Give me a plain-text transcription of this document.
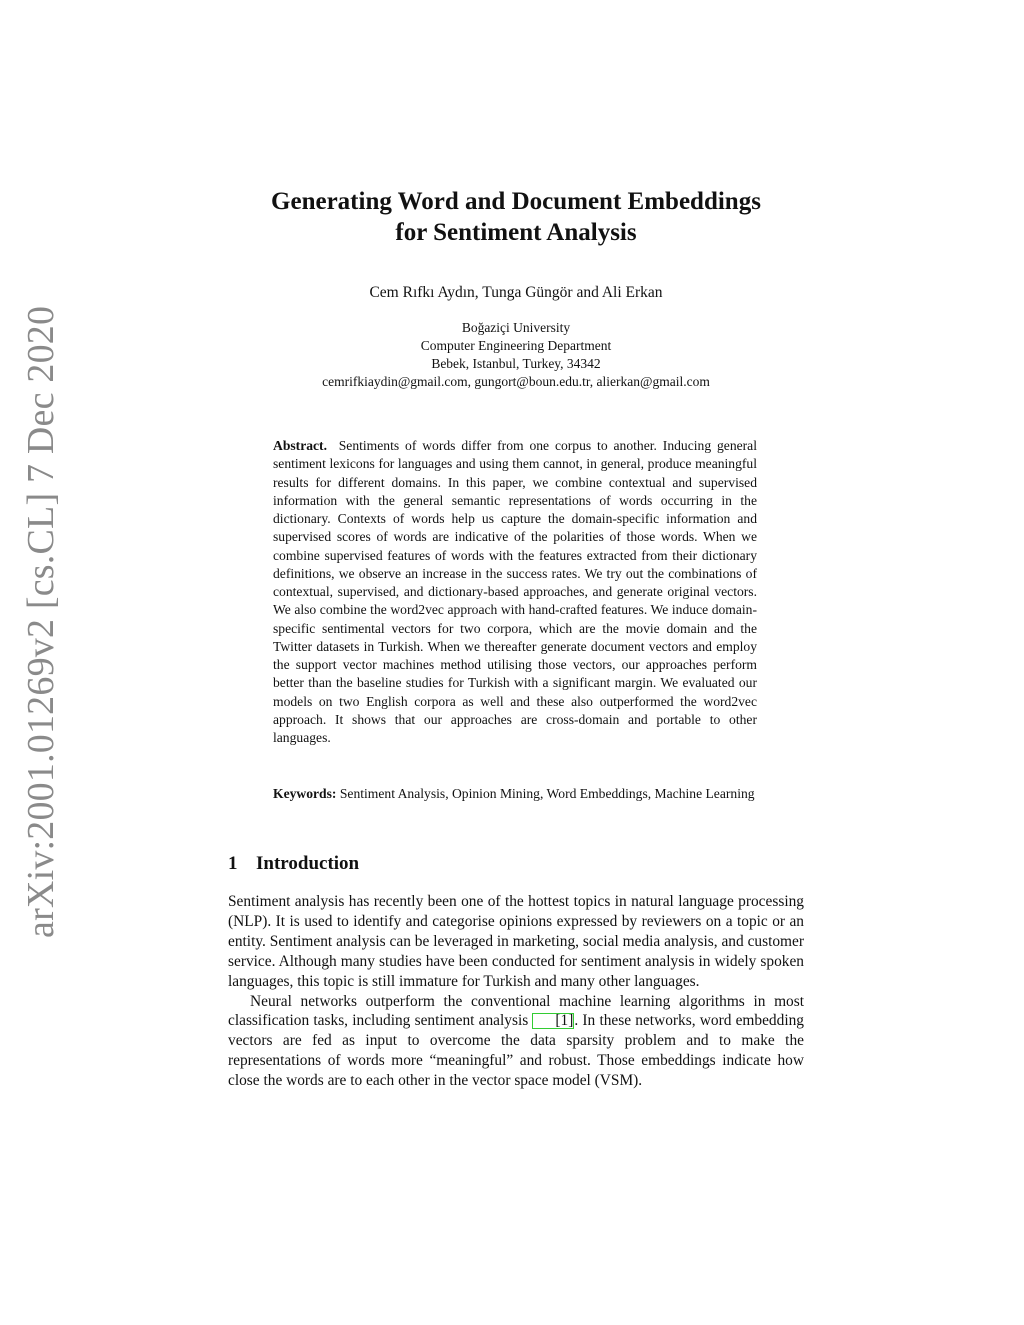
arXiv:2001.01269v2 [cs.CL] 7 Dec 2020
Generating Word and Document Embeddings
for Sentiment Analysis
Cem Rıfkı Aydın, Tunga Güngör and Ali Erkan
Boğaziçi University
Computer Engineering Department
Bebek, Istanbul, Turkey, 34342
cemrifkiaydin@gmail.com, gungort@boun.edu.tr, alierkan@gmail.com
Abstract. Sentiments of words differ from one corpus to another. Inducing general sentiment lexicons for languages and using them cannot, in general, produce meaningful results for different domains. In this paper, we combine contextual and supervised information with the general semantic representations of words occurring in the dictionary. Contexts of words help us capture the domain-specific information and supervised scores of words are indicative of the polarities of those words. When we combine supervised features of words with the features extracted from their dictionary definitions, we observe an increase in the success rates. We try out the combinations of contextual, supervised, and dictionary-based approaches, and generate original vectors. We also combine the word2vec approach with hand-crafted features. We induce domain-specific sentimental vectors for two corpora, which are the movie domain and the Twitter datasets in Turkish. When we thereafter generate document vectors and employ the support vector machines method utilising those vectors, our approaches perform better than the baseline studies for Turkish with a significant margin. We evaluated our models on two English corpora as well and these also outperformed the word2vec approach. It shows that our approaches are cross-domain and portable to other languages.
Keywords: Sentiment Analysis, Opinion Mining, Word Embeddings, Machine Learning
1 Introduction

Sentiment analysis has recently been one of the hottest topics in natural language processing (NLP). It is used to identify and categorise opinions expressed by reviewers on a topic or an entity. Sentiment analysis can be leveraged in marketing, social media analysis, and customer service. Although many studies have been conducted for sentiment analysis in widely spoken languages, this topic is still immature for Turkish and many other languages.

Neural networks outperform the conventional machine learning algorithms in most classification tasks, including sentiment analysis [1]. In these networks, word embedding vectors are fed as input to overcome the data sparsity problem and to make the representations of words more “meaningful” and robust. Those embeddings indicate how close the words are to each other in the vector space model (VSM).
